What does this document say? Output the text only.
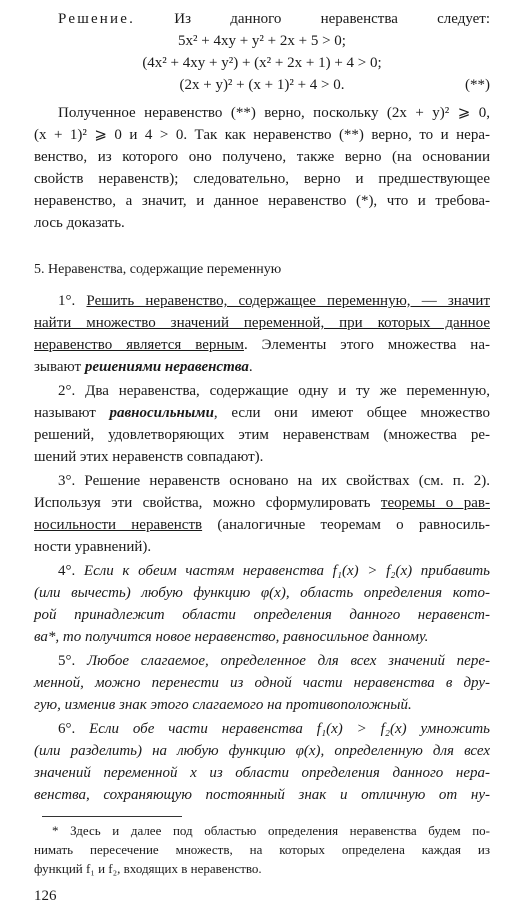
Решение.	Из данного неравенства следует:
5x² + 4xy + y² + 2x + 5 > 0;
(4x² + 4xy + y²) + (x² + 2x + 1) + 4 > 0;
(2x + y)² + (x + 1)² + 4 > 0.	(**)
Полученное неравенство (**) верно, поскольку (2x + y)² ⩾ 0,
(x + 1)² ⩾ 0 и 4 > 0. Так как неравенство (**) верно, то и нера-
венство, из которого оно получено, также верно (на основании
свойств неравенств); следовательно, верно и предшествующее
неравенство, а значит, и данное неравенство (*), что и требова-
лось доказать.
5. Неравенства, содержащие переменную
1°. Решить неравенство, содержащее переменную, — значит
найти множество значений переменной, при которых данное
неравенство является верным. Элементы этого множества на-
зывают решениями неравенства.
2°. Два неравенства, содержащие одну и ту же переменную,
называют равносильными, если они имеют общее множество
решений, удовлетворяющих этим неравенствам (множества ре-
шений этих неравенств совпадают).
3°. Решение неравенств основано на их свойствах (см. п. 2).
Используя эти свойства, можно сформулировать теоремы о рав-
носильности неравенств (аналогичные теоремам о равносиль-
ности уравнений).
4°. Если к обеим частям неравенства f₁(x) > f₂(x) прибавить
(или вычесть) любую функцию φ(x), область определения кото-
рой принадлежит области определения данного неравенст-
ва*, то получится новое неравенство, равносильное данному.
5°. Любое слагаемое, определенное для всех значений пере-
менной, можно перенести из одной части неравенства в дру-
гую, изменив знак этого слагаемого на противоположный.
6°. Если обе части неравенства f₁(x) > f₂(x) умножить
(или разделить) на любую функцию φ(x), определенную для всех
значений переменной x из области определения данного нера-
венства, сохраняющую постоянный знак и отличную от ну-
* Здесь и далее под областью определения неравенства будем по-
нимать пересечение множеств, на которых определена каждая из
функций f₁ и f₂, входящих в неравенство.
126
